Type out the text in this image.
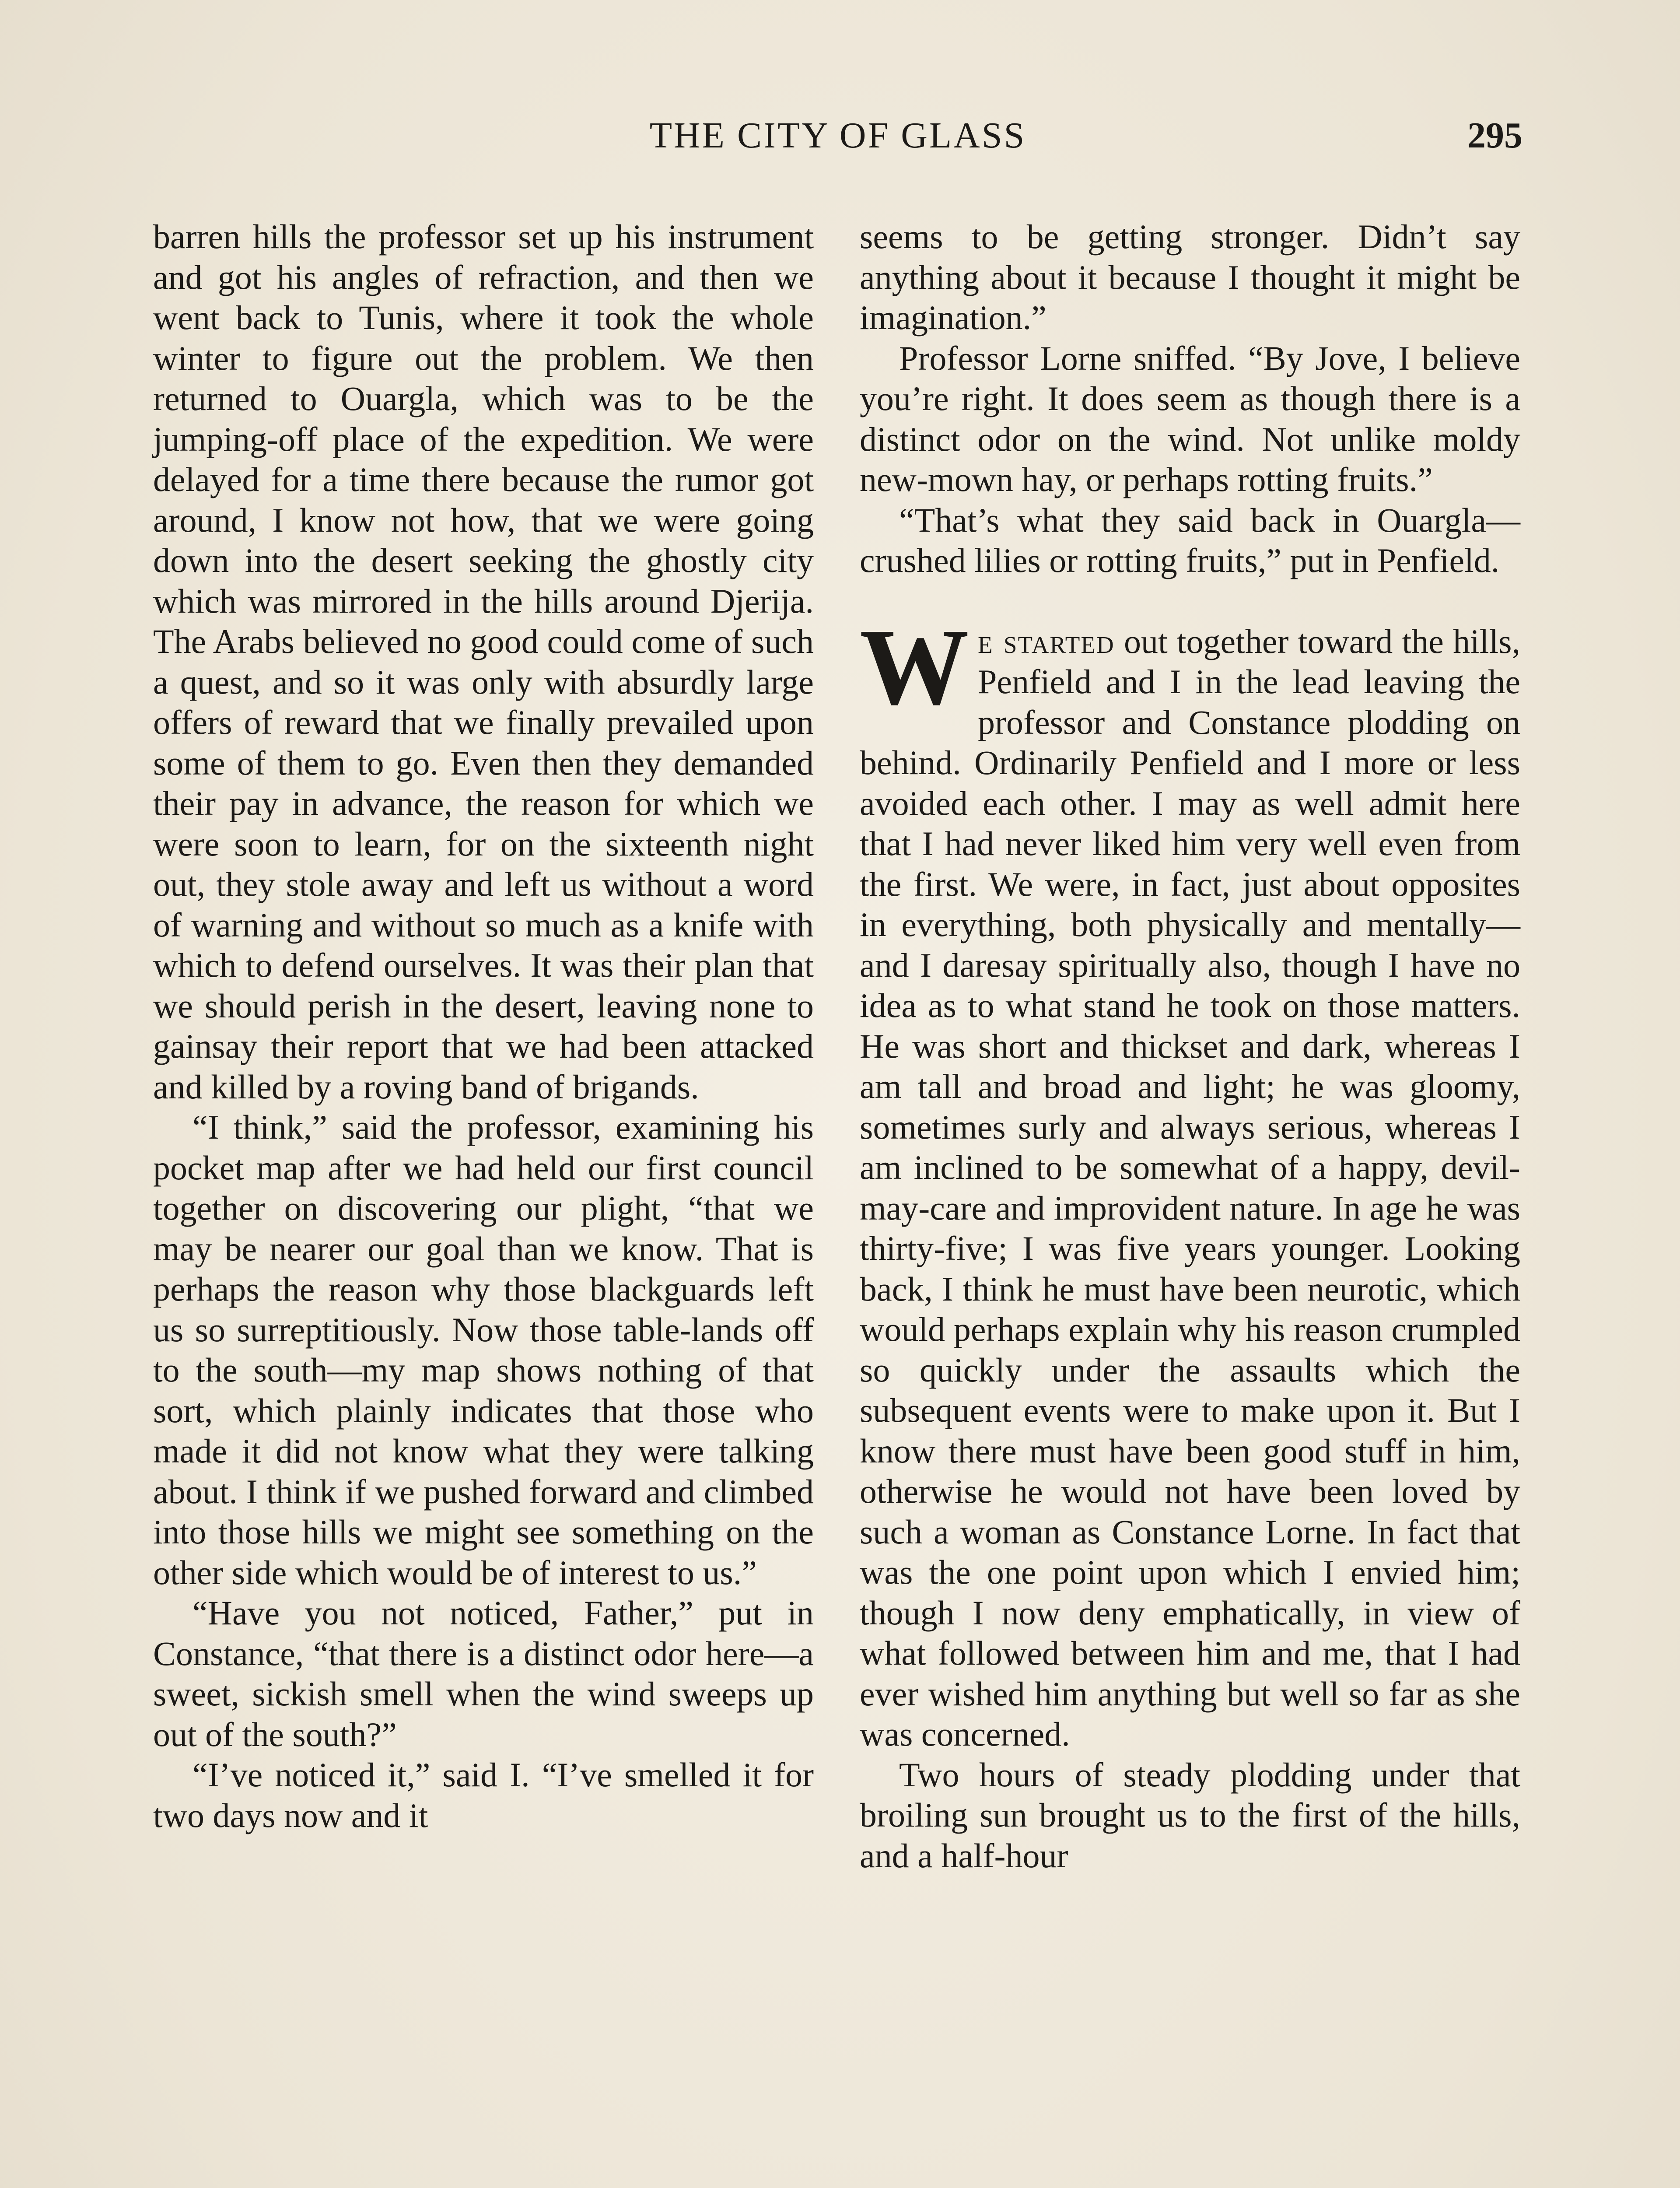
THE CITY OF GLASS	295

barren hills the professor set up his instrument and got his angles of refraction, and then we went back to Tunis, where it took the whole winter to figure out the problem. We then returned to Ouargla, which was to be the jumping-off place of the expedition. We were delayed for a time there because the rumor got around, I know not how, that we were going down into the desert seeking the ghostly city which was mirrored in the hills around Djerija. The Arabs believed no good could come of such a quest, and so it was only with absurdly large offers of reward that we finally prevailed upon some of them to go. Even then they demanded their pay in advance, the reason for which we were soon to learn, for on the sixteenth night out, they stole away and left us without a word of warning and without so much as a knife with which to defend ourselves. It was their plan that we should perish in the desert, leaving none to gainsay their report that we had been attacked and killed by a roving band of brigands.

“I think,” said the professor, examining his pocket map after we had held our first council together on discovering our plight, “that we may be nearer our goal than we know. That is perhaps the reason why those blackguards left us so surreptitiously. Now those table-lands off to the south—my map shows nothing of that sort, which plainly indicates that those who made it did not know what they were talking about. I think if we pushed forward and climbed into those hills we might see something on the other side which would be of interest to us.”

“Have you not noticed, Father,” put in Constance, “that there is a distinct odor here—a sweet, sickish smell when the wind sweeps up out of the south?”

“I’ve noticed it,” said I. “I’ve smelled it for two days now and it

seems to be getting stronger. Didn’t say anything about it because I thought it might be imagination.”

Professor Lorne sniffed. “By Jove, I believe you’re right. It does seem as though there is a distinct odor on the wind. Not unlike moldy new-mown hay, or perhaps rotting fruits.”

“That’s what they said back in Ouargla—crushed lilies or rotting fruits,” put in Penfield.

We started out together toward the hills, Penfield and I in the lead leaving the professor and Constance plodding on behind. Ordinarily Penfield and I more or less avoided each other. I may as well admit here that I had never liked him very well even from the first. We were, in fact, just about opposites in everything, both physically and mentally—and I daresay spiritually also, though I have no idea as to what stand he took on those matters. He was short and thickset and dark, whereas I am tall and broad and light; he was gloomy, sometimes surly and always serious, whereas I am inclined to be somewhat of a happy, devil-may-care and improvident nature. In age he was thirty-five; I was five years younger. Looking back, I think he must have been neurotic, which would perhaps explain why his reason crumpled so quickly under the assaults which the subsequent events were to make upon it. But I know there must have been good stuff in him, otherwise he would not have been loved by such a woman as Constance Lorne. In fact that was the one point upon which I envied him; though I now deny emphatically, in view of what followed between him and me, that I had ever wished him anything but well so far as she was concerned.

Two hours of steady plodding under that broiling sun brought us to the first of the hills, and a half-hour
